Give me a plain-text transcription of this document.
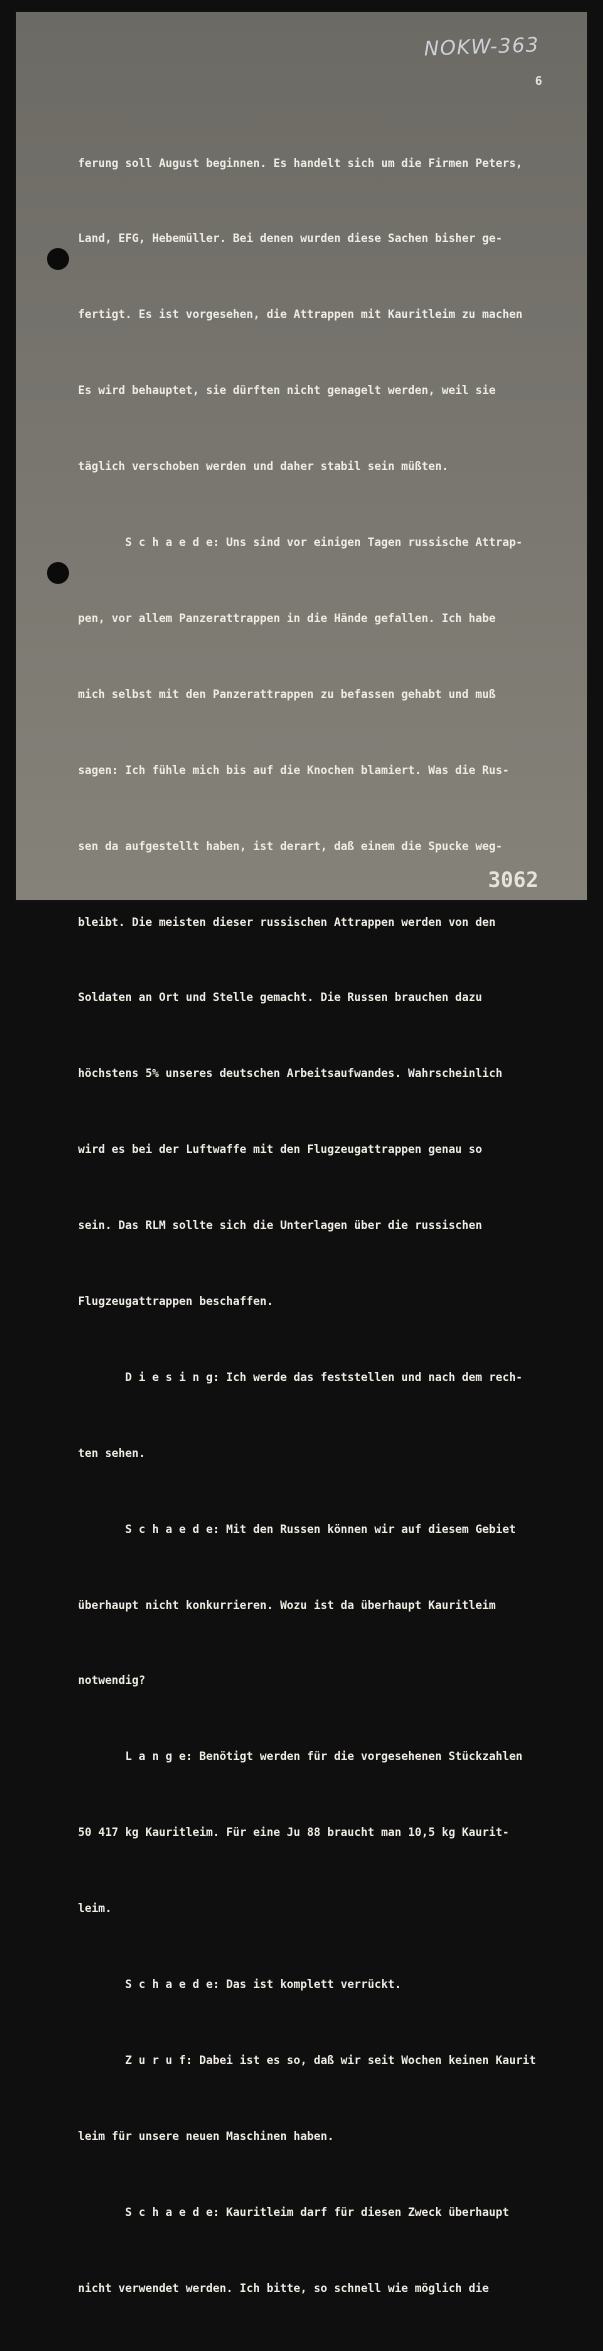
NOKW-363
6

ferung soll August beginnen. Es handelt sich um die Firmen Peters,

Land, EFG, Hebemüller. Bei denen wurden diese Sachen bisher ge-

fertigt. Es ist vorgesehen, die Attrappen mit Kauritleim zu machen

Es wird behauptet, sie dürften nicht genagelt werden, weil sie

täglich verschoben werden und daher stabil sein müßten.

S c h a e d e: Uns sind vor einigen Tagen russische Attrap-

pen, vor allem Panzerattrappen in die Hände gefallen. Ich habe

mich selbst mit den Panzerattrappen zu befassen gehabt und muß

sagen: Ich fühle mich bis auf die Knochen blamiert. Was die Rus-

sen da aufgestellt haben, ist derart, daß einem die Spucke weg-

bleibt. Die meisten dieser russischen Attrappen werden von den

Soldaten an Ort und Stelle gemacht. Die Russen brauchen dazu

höchstens 5% unseres deutschen Arbeitsaufwandes. Wahrscheinlich

wird es bei der Luftwaffe mit den Flugzeugattrappen genau so

sein. Das RLM sollte sich die Unterlagen über die russischen

Flugzeugattrappen beschaffen.

D i e s i n g: Ich werde das feststellen und nach dem rech-

ten sehen.

S c h a e d e: Mit den Russen können wir auf diesem Gebiet

überhaupt nicht konkurrieren. Wozu ist da überhaupt Kauritleim

notwendig?

L a n g e: Benötigt werden für die vorgesehenen Stückzahlen

50 417 kg Kauritleim. Für eine Ju 88 braucht man 10,5 kg Kaurit-

leim.

S c h a e d e: Das ist komplett verrückt.

Z u r u f: Dabei ist es so, daß wir seit Wochen keinen Kaurit

leim für unsere neuen Maschinen haben.

S c h a e d e: Kauritleim darf für diesen Zweck überhaupt

nicht verwendet werden. Ich bitte, so schnell wie möglich die

3062
